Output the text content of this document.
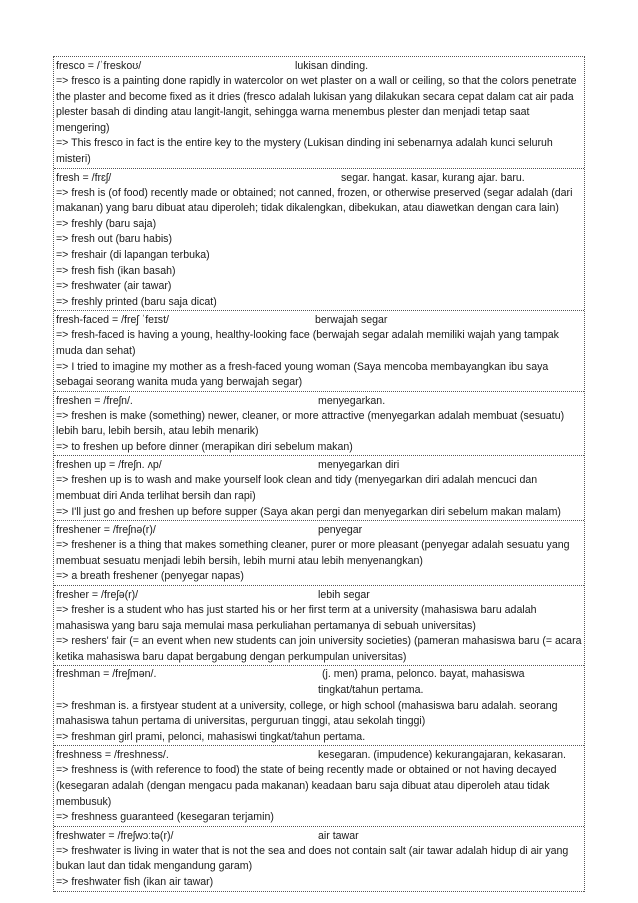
fresco = /ˈfreskoʊ/	lukisan dinding.

=> fresco is a painting done rapidly in watercolor on wet plaster on a wall or ceiling, so that the colors penetrate the plaster and become fixed as it dries (fresco adalah lukisan yang dilakukan secara cepat dalam cat air pada plester basah di dinding atau langit-langit, sehingga warna menembus plester dan menjadi tetap saat mengering)

=> This fresco in fact is the entire key to the mystery (Lukisan dinding ini sebenarnya adalah kunci seluruh misteri)

fresh = /frɛʃ/	segar. hangat. kasar, kurang ajar. baru.

=> fresh is (of food) recently made or obtained; not canned, frozen, or otherwise preserved (segar adalah (dari makanan) yang baru dibuat atau diperoleh; tidak dikalengkan, dibekukan, atau diawetkan dengan cara lain)

=> freshly (baru saja)

=> fresh out (baru habis)

=> freshair (di lapangan terbuka)

=> fresh fish (ikan basah)

=> freshwater (air tawar)

=> freshly printed (baru saja dicat)

fresh-faced = /freʃ ˈfeɪst/	berwajah segar

=> fresh-faced is having a young, healthy-looking face (berwajah segar adalah memiliki wajah yang tampak muda dan sehat)

=> I tried to imagine my mother as a fresh-faced young woman (Saya mencoba membayangkan ibu saya sebagai seorang wanita muda yang berwajah segar)

freshen = /freʃn/.	menyegarkan.

=> freshen is make (something) newer, cleaner, or more attractive (menyegarkan adalah membuat (sesuatu) lebih baru, lebih bersih, atau lebih menarik)

=> to freshen up before dinner (merapikan diri sebelum makan)

freshen up = /freʃn. ʌp/	menyegarkan diri

=> freshen up is to wash and make yourself look clean and tidy (menyegarkan diri adalah mencuci dan membuat diri Anda terlihat bersih dan rapi)

=> I'll just go and freshen up before supper (Saya akan pergi dan menyegarkan diri sebelum makan malam)

freshener = /freʃnə(r)/	penyegar

=> freshener is a thing that makes something cleaner, purer or more pleasant (penyegar adalah sesuatu yang membuat sesuatu menjadi lebih bersih, lebih murni atau lebih menyenangkan)

=> a breath freshener (penyegar napas)

fresher = /freʃə(r)/	lebih segar

=> fresher is a student who has just started his or her first term at a university (mahasiswa baru adalah mahasiswa yang baru saja memulai masa perkuliahan pertamanya di sebuah universitas)

=> reshers' fair (= an event when new students can join university societies) (pameran mahasiswa baru (= acara ketika mahasiswa baru dapat bergabung dengan perkumpulan universitas)

freshman = /freʃmən/.	(j. men) prama, pelonco. bayat, mahasiswa tingkat/tahun pertama.

=> freshman is. a firstyear student at a university, college, or high school (mahasiswa baru adalah. seorang mahasiswa tahun pertama di universitas, perguruan tinggi, atau sekolah tinggi)

=> freshman girl prami, pelonci, mahasiswi tingkat/tahun pertama.

freshness = /freshness/.	kesegaran. (impudence) kekurangajaran, kekasaran.

=> freshness is (with reference to food) the state of being recently made or obtained or not having decayed (kesegaran adalah (dengan mengacu pada makanan) keadaan baru saja dibuat atau diperoleh atau tidak membusuk)

=> freshness guaranteed (kesegaran terjamin)

freshwater = /freʃwɔːtə(r)/	air tawar

=> freshwater is living in water that is not the sea and does not contain salt (air tawar adalah hidup di air yang bukan laut dan tidak mengandung garam)

=> freshwater fish (ikan air tawar)
